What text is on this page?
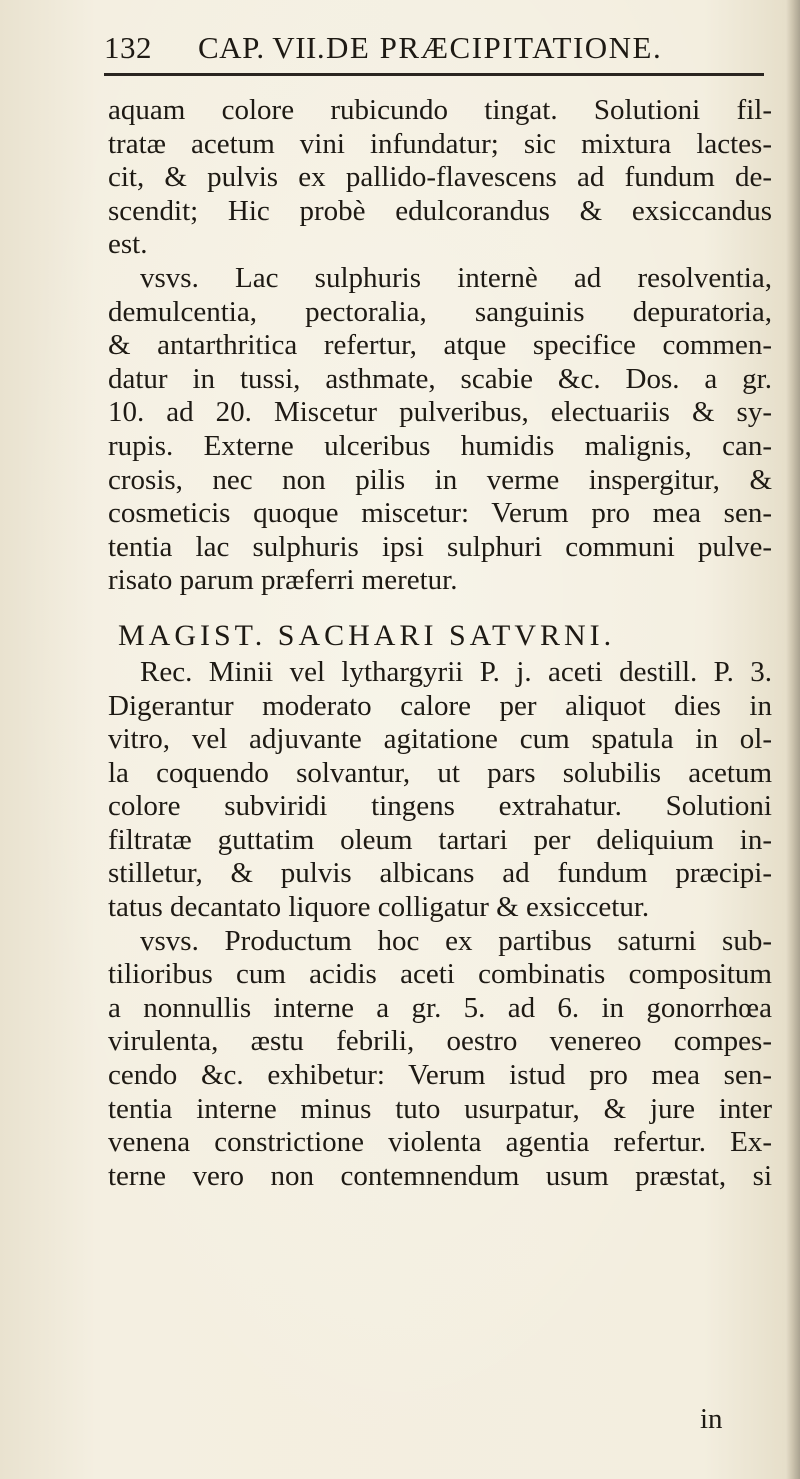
132 CAP. VII. DE PRÆCIPITATIONE.
aquam colore rubicundo tingat. Solutioni fil-
tratæ acetum vini infundatur; sic mixtura lactes-
cit, & pulvis ex pallido-flavescens ad fundum de-
scendit; Hic probè edulcorandus & exsiccandus
est.
vsvs. Lac sulphuris internè ad resolventia,
demulcentia, pectoralia, sanguinis depuratoria,
& antarthritica refertur, atque specifice commen-
datur in tussi, asthmate, scabie &c. Dos. a gr.
10. ad 20. Miscetur pulveribus, electuariis & sy-
rupis. Externe ulceribus humidis malignis, can-
crosis, nec non pilis in verme inspergitur, &
cosmeticis quoque miscetur: Verum pro mea sen-
tentia lac sulphuris ipsi sulphuri communi pulve-
risato parum præferri meretur.
MAGIST. SACHARI SATVRNI.
Rec. Minii vel lythargyrii P. j. aceti destill. P. 3.
Digerantur moderato calore per aliquot dies in
vitro, vel adjuvante agitatione cum spatula in ol-
la coquendo solvantur, ut pars solubilis acetum
colore subviridi tingens extrahatur. Solutioni
filtratæ guttatim oleum tartari per deliquium in-
stilletur, & pulvis albicans ad fundum præcipi-
tatus decantato liquore colligatur & exsiccetur.
vsvs. Productum hoc ex partibus saturni sub-
tilioribus cum acidis aceti combinatis compositum
a nonnullis interne a gr. 5. ad 6. in gonorrhœa
virulenta, æstu febrili, oestro venereo compes-
cendo &c. exhibetur: Verum istud pro mea sen-
tentia interne minus tuto usurpatur, & jure inter
venena constrictione violenta agentia refertur. Ex-
terne vero non contemnendum usum præstat, si
in
